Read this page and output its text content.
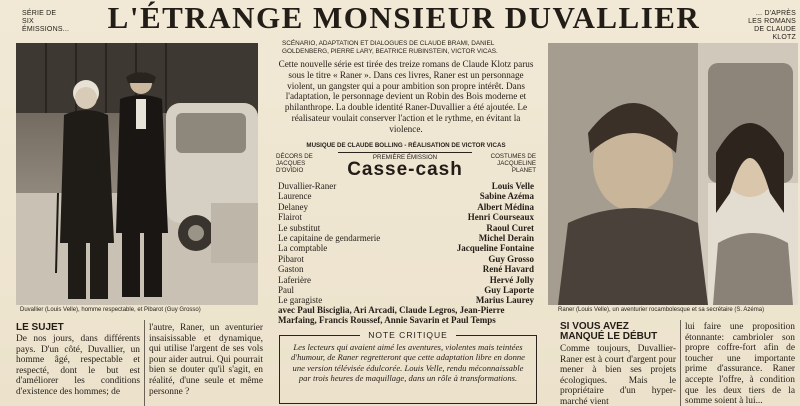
SÉRIE DE SIX ÉMISSIONS...	L'ÉTRANGE MONSIEUR DUVALLIER	... D'APRÈS LES ROMANS DE CLAUDE KLOTZ
Duvallier (Louis Velle), homme respectable, et Pibarot (Guy Grosso)
SCÉNARIO, ADAPTATION ET DIALOGUES DE CLAUDE BRAMI, DANIEL GOLDENBERG, PIERRE LARY, BEATRICE RUBINSTEIN, VICTOR VICAS.
Cette nouvelle série est tirée des treize romans de Claude Klotz parus sous le titre « Raner ». Dans ces livres, Raner est un personnage violent, un gangster qui a pour ambition son propre intérêt. Dans l'adaptation, le personnage devient un Robin des Bois moderne et philanthrope. La double identité Raner-Duvallier a été ajoutée. Le réalisateur voulait conserver l'action et le rythme, en évitant la violence.
MUSIQUE DE CLAUDE BOLLING - RÉALISATION DE VICTOR VICAS
DÉCORS DE JACQUES D'OVIDIO
COSTUMES DE JACQUELINE PLANET
PREMIÈRE ÉMISSION
Casse-cash
Duvallier-Raner	Louis Velle
Laurence	Sabine Azéma
Delaney	Albert Médina
Flairot	Henri Courseaux
Le substitut	Raoul Curet
Le capitaine de gendarmerie	Michel Derain
La comptable	Jacqueline Fontaine
Pibarot	Guy Grosso
Gaston	René Havard
Laferière	Hervé Jolly
Paul	Guy Laporte
Le garagiste	Marius Laurey
avec Paul Bisciglia, Ari Arcadi, Claude Legros, Jean-Pierre Marfaing, Francis Roussef, Annie Savarin et Paul Temps
NOTE CRITIQUE
Les lecteurs qui avaient aimé les aventures, violentes mais teintées d'humour, de Raner regretteront que cette adaptation libre en donne une version télévisée édulcorée. Louis Velle, rendu méconnaissable par trois heures de maquillage, dans un rôle à transformations.
Raner (Louis Velle), un aventurier rocambolesque et sa secrétaire (S. Azéma)
LE SUJET
De nos jours, dans différents pays. D'un côté, Duvallier, un homme âgé, respectable et respecté, dont le but est d'améliorer les conditions d'existence des hommes; de
l'autre, Raner, un aventurier insaisissable et dynamique, qui utilise l'argent de ses vols pour aider autrui. Qui pourrait bien se douter qu'il s'agit, en réalité, d'une seule et même personne ?
SI VOUS AVEZ MANQUÉ LE DÉBUT
Comme toujours, Duvallier-Raner est à court d'argent pour mener à bien ses projets écologiques. Mais le propriétaire d'un hyper-marché vient
lui faire une proposition étonnante: cambrioler son propre coffre-fort afin de toucher une importante prime d'assurance. Raner accepte l'offre, à condition que les deux tiers de la somme soient à lui...
